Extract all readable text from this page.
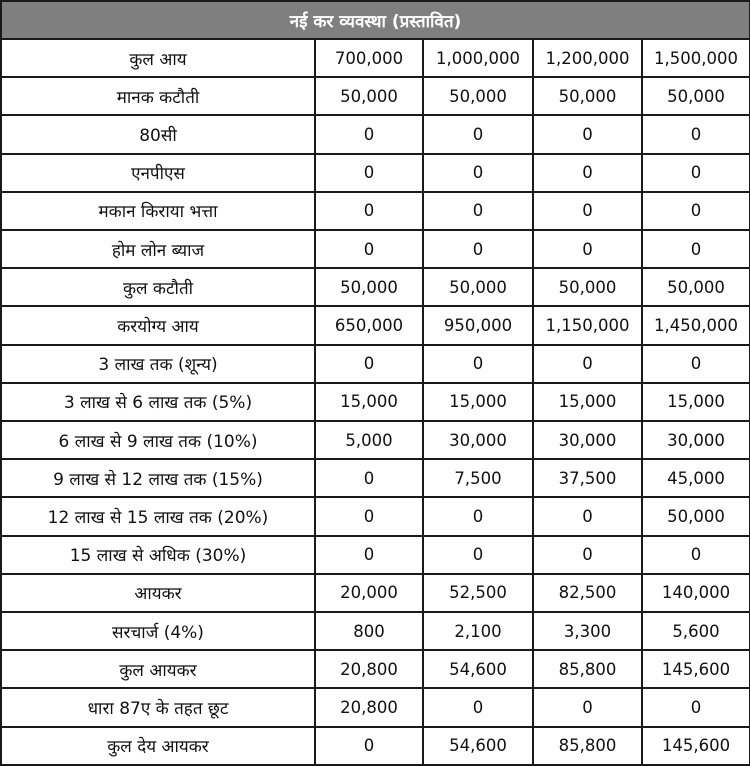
नई कर व्यवस्था (प्रस्तावित)				
कुल आय	700,000	1,000,000	1,200,000	1,500,000
मानक कटौती	50,000	50,000	50,000	50,000
80सी	0	0	0	0
एनपीएस	0	0	0	0
मकान किराया भत्ता	0	0	0	0
होम लोन ब्याज	0	0	0	0
कुल कटौती	50,000	50,000	50,000	50,000
करयोग्य आय	650,000	950,000	1,150,000	1,450,000
3 लाख तक (शून्य)	0	0	0	0
3 लाख से 6 लाख तक (5%)	15,000	15,000	15,000	15,000
6 लाख से 9 लाख तक (10%)	5,000	30,000	30,000	30,000
9 लाख से 12 लाख तक (15%)	0	7,500	37,500	45,000
12 लाख से 15 लाख तक (20%)	0	0	0	50,000
15 लाख से अधिक (30%)	0	0	0	0
आयकर	20,000	52,500	82,500	140,000
सरचार्ज (4%)	800	2,100	3,300	5,600
कुल आयकर	20,800	54,600	85,800	145,600
धारा 87ए के तहत छूट	20,800	0	0	0
कुल देय आयकर	0	54,600	85,800	145,600
